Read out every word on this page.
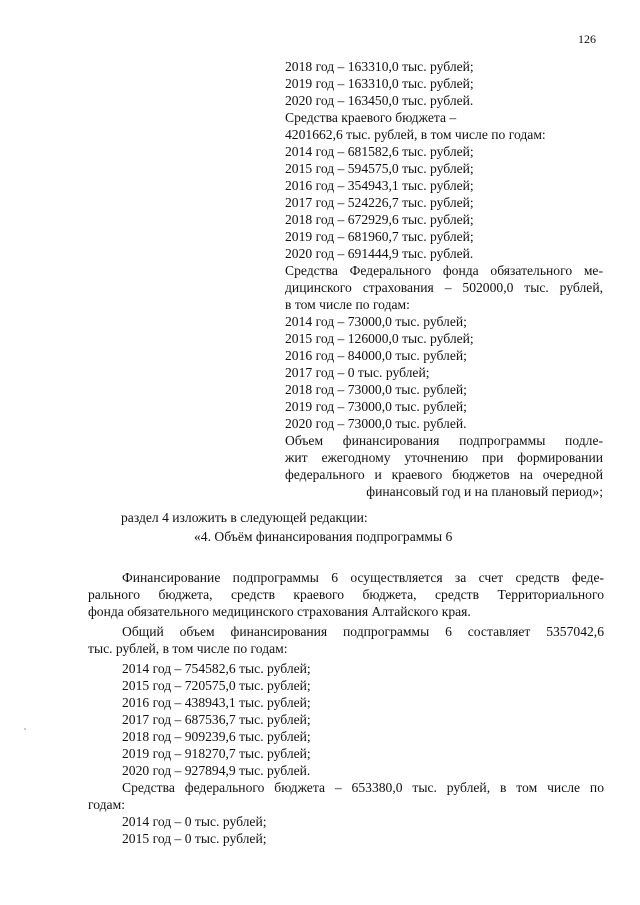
126
2018 год – 163310,0 тыс. рублей;
2019 год – 163310,0 тыс. рублей;
2020 год – 163450,0 тыс. рублей.
Средства краевого бюджета –
4201662,6 тыс. рублей, в том числе по годам:
2014 год – 681582,6 тыс. рублей;
2015 год – 594575,0 тыс. рублей;
2016 год – 354943,1 тыс. рублей;
2017 год – 524226,7 тыс. рублей;
2018 год – 672929,6 тыс. рублей;
2019 год – 681960,7 тыс. рублей;
2020 год – 691444,9 тыс. рублей.
Средства Федерального фонда обязательного ме-
дицинского страхования – 502000,0 тыс. рублей,
в том числе по годам:
2014 год – 73000,0 тыс. рублей;
2015 год – 126000,0 тыс. рублей;
2016 год – 84000,0 тыс. рублей;
2017 год – 0 тыс. рублей;
2018 год – 73000,0 тыс. рублей;
2019 год – 73000,0 тыс. рублей;
2020 год – 73000,0 тыс. рублей.
Объем финансирования подпрограммы подле-
жит ежегодному уточнению при формировании
федерального и краевого бюджетов на очередной
финансовый год и на плановый период»;
раздел 4 изложить в следующей редакции:
«4. Объём финансирования подпрограммы 6
Финансирование подпрограммы 6 осуществляется за счет средств феде-
рального бюджета, средств краевого бюджета, средств Территориального
фонда обязательного медицинского страхования Алтайского края.
Общий объем финансирования подпрограммы 6 составляет 5357042,6
тыс. рублей, в том числе по годам:
2014 год – 754582,6 тыс. рублей;
2015 год – 720575,0 тыс. рублей;
2016 год – 438943,1 тыс. рублей;
2017 год – 687536,7 тыс. рублей;
2018 год – 909239,6 тыс. рублей;
2019 год – 918270,7 тыс. рублей;
2020 год – 927894,9 тыс. рублей.
Средства федерального бюджета – 653380,0 тыс. рублей, в том числе по
годам:
2014 год – 0 тыс. рублей;
2015 год – 0 тыс. рублей;
